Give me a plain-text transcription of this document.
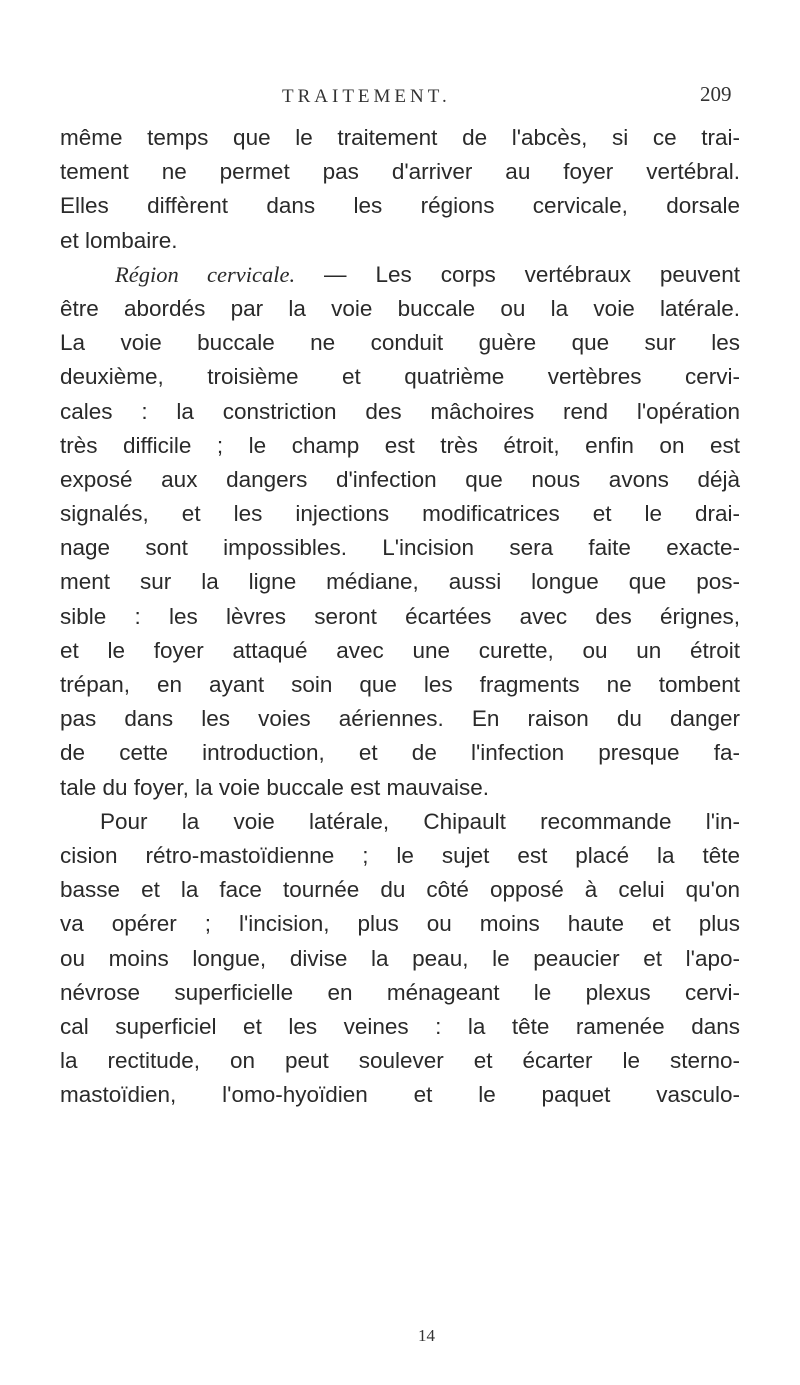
TRAITEMENT.	209
même temps que le traitement de l'abcès, si ce trai-
tement ne permet pas d'arriver au foyer vertébral.
Elles diffèrent dans les régions cervicale, dorsale
et lombaire.
Région cervicale. — Les corps vertébraux peuvent
être abordés par la voie buccale ou la voie latérale.
La voie buccale ne conduit guère que sur les
deuxième, troisième et quatrième vertèbres cervi-
cales : la constriction des mâchoires rend l'opération
très difficile ; le champ est très étroit, enfin on est
exposé aux dangers d'infection que nous avons déjà
signalés, et les injections modificatrices et le drai-
nage sont impossibles. L'incision sera faite exacte-
ment sur la ligne médiane, aussi longue que pos-
sible : les lèvres seront écartées avec des érignes,
et le foyer attaqué avec une curette, ou un étroit
trépan, en ayant soin que les fragments ne tombent
pas dans les voies aériennes. En raison du danger
de cette introduction, et de l'infection presque fa-
tale du foyer, la voie buccale est mauvaise.
Pour la voie latérale, Chipault recommande l'in-
cision rétro-mastoïdienne ; le sujet est placé la tête
basse et la face tournée du côté opposé à celui qu'on
va opérer ; l'incision, plus ou moins haute et plus
ou moins longue, divise la peau, le peaucier et l'apo-
névrose superficielle en ménageant le plexus cervi-
cal superficiel et les veines : la tête ramenée dans
la rectitude, on peut soulever et écarter le sterno-
mastoïdien, l'omo-hyoïdien et le paquet vasculo-
14
